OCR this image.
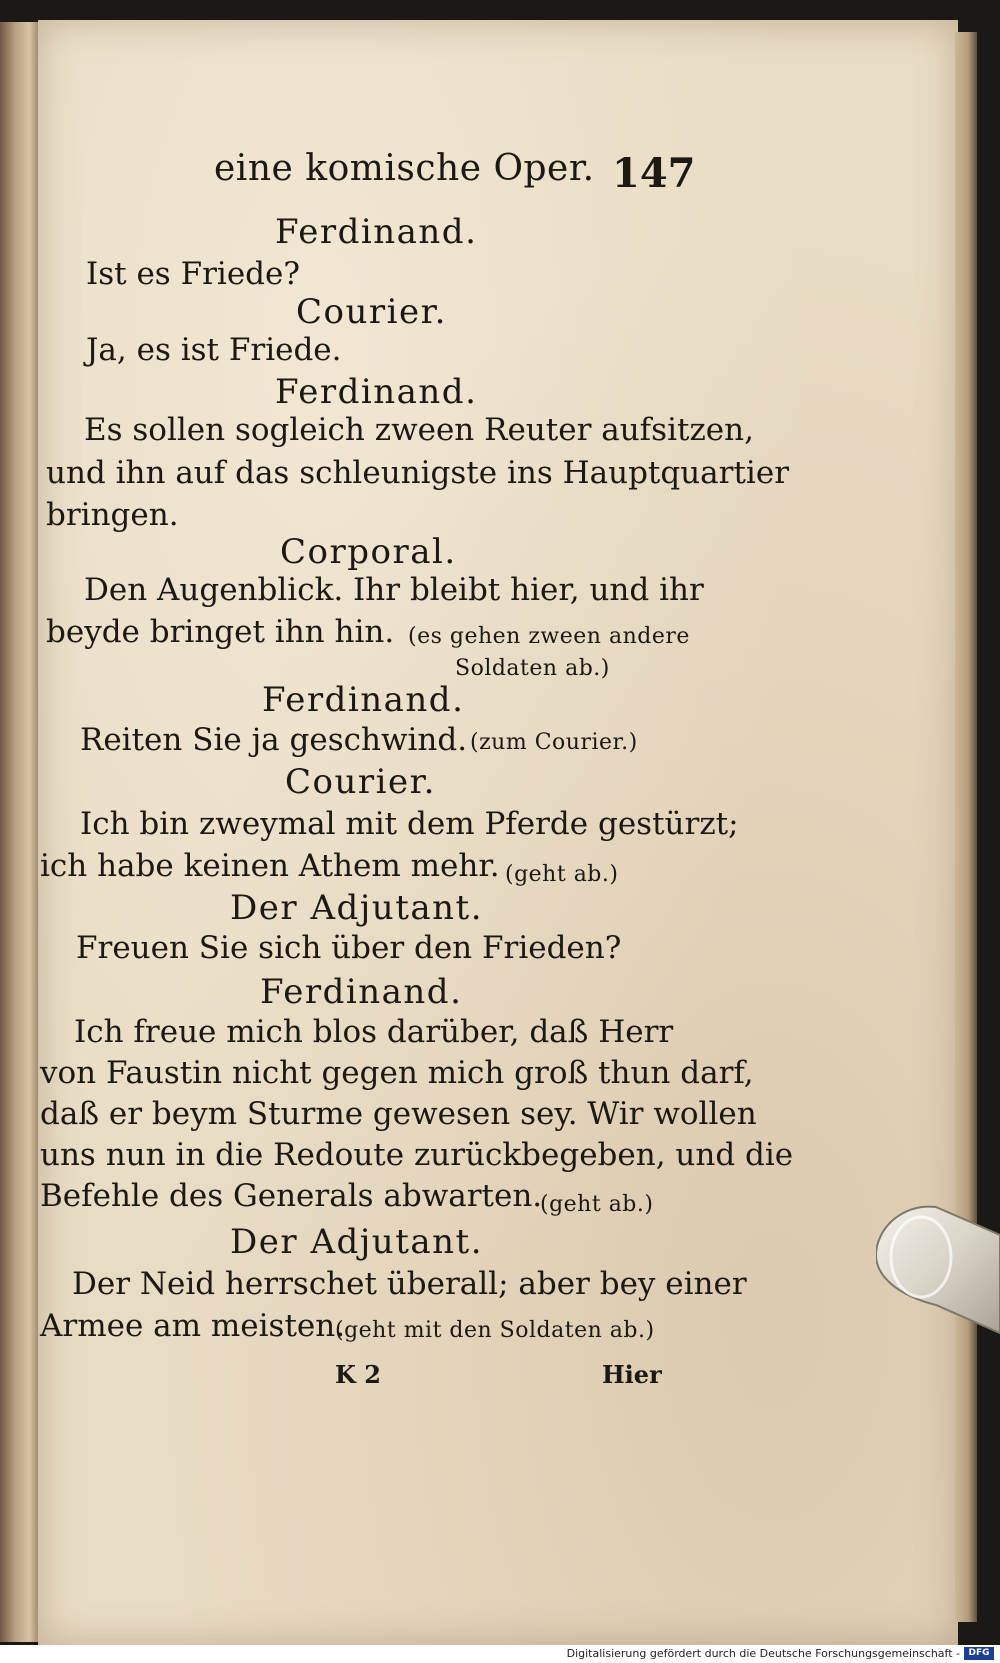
eine komische Oper. 147
Ferdinand.
Ist es Friede?
Courier.
Ja, es ist Friede.
Ferdinand.
Es sollen sogleich zween Reuter aufsitzen,
und ihn auf das schleunigste ins Hauptquartier
bringen.
Corporal.
Den Augenblick. Ihr bleibt hier, und ihr
beyde bringet ihn hin. (es gehen zween andere
Soldaten ab.)
Ferdinand.
Reiten Sie ja geschwind. (zum Courier.)
Courier.
Ich bin zweymal mit dem Pferde gestürzt;
ich habe keinen Athem mehr. (geht ab.)
Der Adjutant.
Freuen Sie sich über den Frieden?
Ferdinand.
Ich freue mich blos darüber, daß Herr
von Faustin nicht gegen mich groß thun darf,
daß er beym Sturme gewesen sey. Wir wollen
uns nun in die Redoute zurückbegeben, und die
Befehle des Generals abwarten.
(geht ab.)
Der Adjutant.
Der Neid herrschet überall; aber bey einer
Armee am meisten.
(geht mit den Soldaten ab.)
K 2	Hier
Digitalisierung gefördert durch die Deutsche Forschungsgemeinschaft - DFG
